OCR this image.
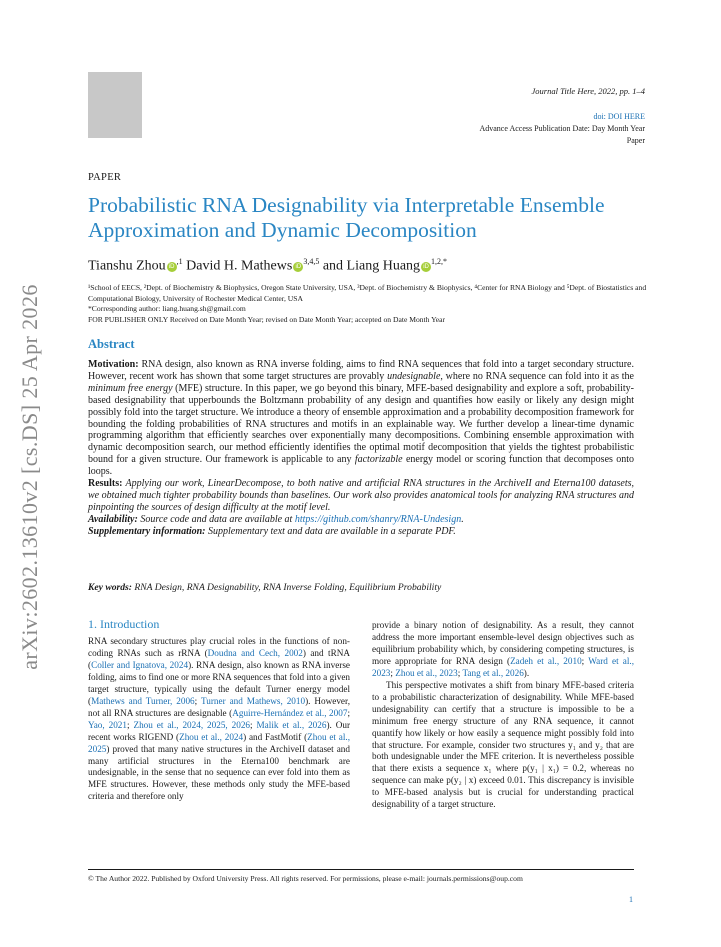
arXiv:2602.13610v2 [cs.DS] 25 Apr 2026
Journal Title Here, 2022, pp. 1–4
doi: DOI HERE
Advance Access Publication Date: Day Month Year
Paper
PAPER
Probabilistic RNA Designability via Interpretable Ensemble Approximation and Dynamic Decomposition
Tianshu Zhou $iD^{,1}$ David H. Mathews iD$^{3,4,5}$ and Liang Huang $iD^{1,2,*}$
¹School of EECS, ²Dept. of Biochemistry & Biophysics, Oregon State University, USA, ³Dept. of Biochemistry & Biophysics, ⁴Center for RNA Biology and ⁵Dept. of Biostatistics and Computational Biology, University of Rochester Medical Center, USA
*Corresponding author: liang.huang.sh@gmail.com
FOR PUBLISHER ONLY Received on Date Month Year; revised on Date Month Year; accepted on Date Month Year
Abstract

Motivation: RNA design, also known as RNA inverse folding, aims to find RNA sequences that fold into a target secondary structure. However, recent work has shown that some target structures are provably undesignable, where no RNA sequence can fold into it as the minimum free energy (MFE) structure. In this paper, we go beyond this binary, MFE-based designability and explore a soft, probability-based designability that upperbounds the Boltzmann probability of any design and quantifies how easily or likely any design might possibly fold into the target structure. We introduce a theory of ensemble approximation and a probability decomposition framework for bounding the folding probabilities of RNA structures and motifs in an explainable way. We further develop a linear-time dynamic programming algorithm that efficiently searches over exponentially many decompositions. Combining ensemble approximation with dynamic decomposition search, our method efficiently identifies the optimal motif decomposition that yields the tightest probabilistic bound for a given structure. Our framework is applicable to any factorizable energy model or scoring function that decomposes onto loops.

Results: Applying our work, LinearDecompose, to both native and artificial RNA structures in the ArchiveII and Eterna100 datasets, we obtained much tighter probability bounds than baselines. Our work also provides anatomical tools for analyzing RNA structures and pinpointing the sources of design difficulty at the motif level.

Availability: Source code and data are available at https://github.com/shanry/RNA-Undesign.

Supplementary information: Supplementary text and data are available in a separate PDF.

Key words: RNA Design, RNA Designability, RNA Inverse Folding, Equilibrium Probability
1. Introduction

RNA secondary structures play crucial roles in the functions of non-coding RNAs such as rRNA (Doudna and Cech, 2002) and tRNA (Coller and Ignatova, 2024). RNA design, also known as RNA inverse folding, aims to find one or more RNA sequences that fold into a given target structure, typically using the default Turner energy model (Mathews and Turner, 2006; Turner and Mathews, 2010). However, not all RNA structures are designable (Aguirre-Hernández et al., 2007; Yao, 2021; Zhou et al., 2024, 2025, 2026; Malik et al., 2026). Our recent works RIGEND (Zhou et al., 2024) and FastMotif (Zhou et al., 2025) proved that many native structures in the ArchiveII dataset and many artificial structures in the Eterna100 benchmark are undesignable, in the sense that no sequence can ever fold into them as MFE structures. However, these methods only study the MFE-based criteria and therefore only

provide a binary notion of designability. As a result, they cannot address the more important ensemble-level design objectives such as equilibrium probability which, by considering competing structures, is more appropriate for RNA design (Zadeh et al., 2010; Ward et al., 2023; Zhou et al., 2023; Tang et al., 2026).

This perspective motivates a shift from binary MFE-based criteria to a probabilistic characterization of designability. While MFE-based undesignability can certify that a structure is impossible to be a minimum free energy structure of any RNA sequence, it cannot quantify how likely or how easily a sequence might possibly fold into that structure. For example, consider two structures y₁ and y₂ that are both undesignable under the MFE criterion. It is nevertheless possible that there exists a sequence x₁ where p(y₁ | x₁) = 0.2, whereas no sequence can make p(y₂ | x) exceed 0.01. This discrepancy is invisible to MFE-based analysis but is crucial for understanding practical designability of a target structure.

© The Author 2022. Published by Oxford University Press. All rights reserved. For permissions, please e-mail: journals.permissions@oup.com
1
